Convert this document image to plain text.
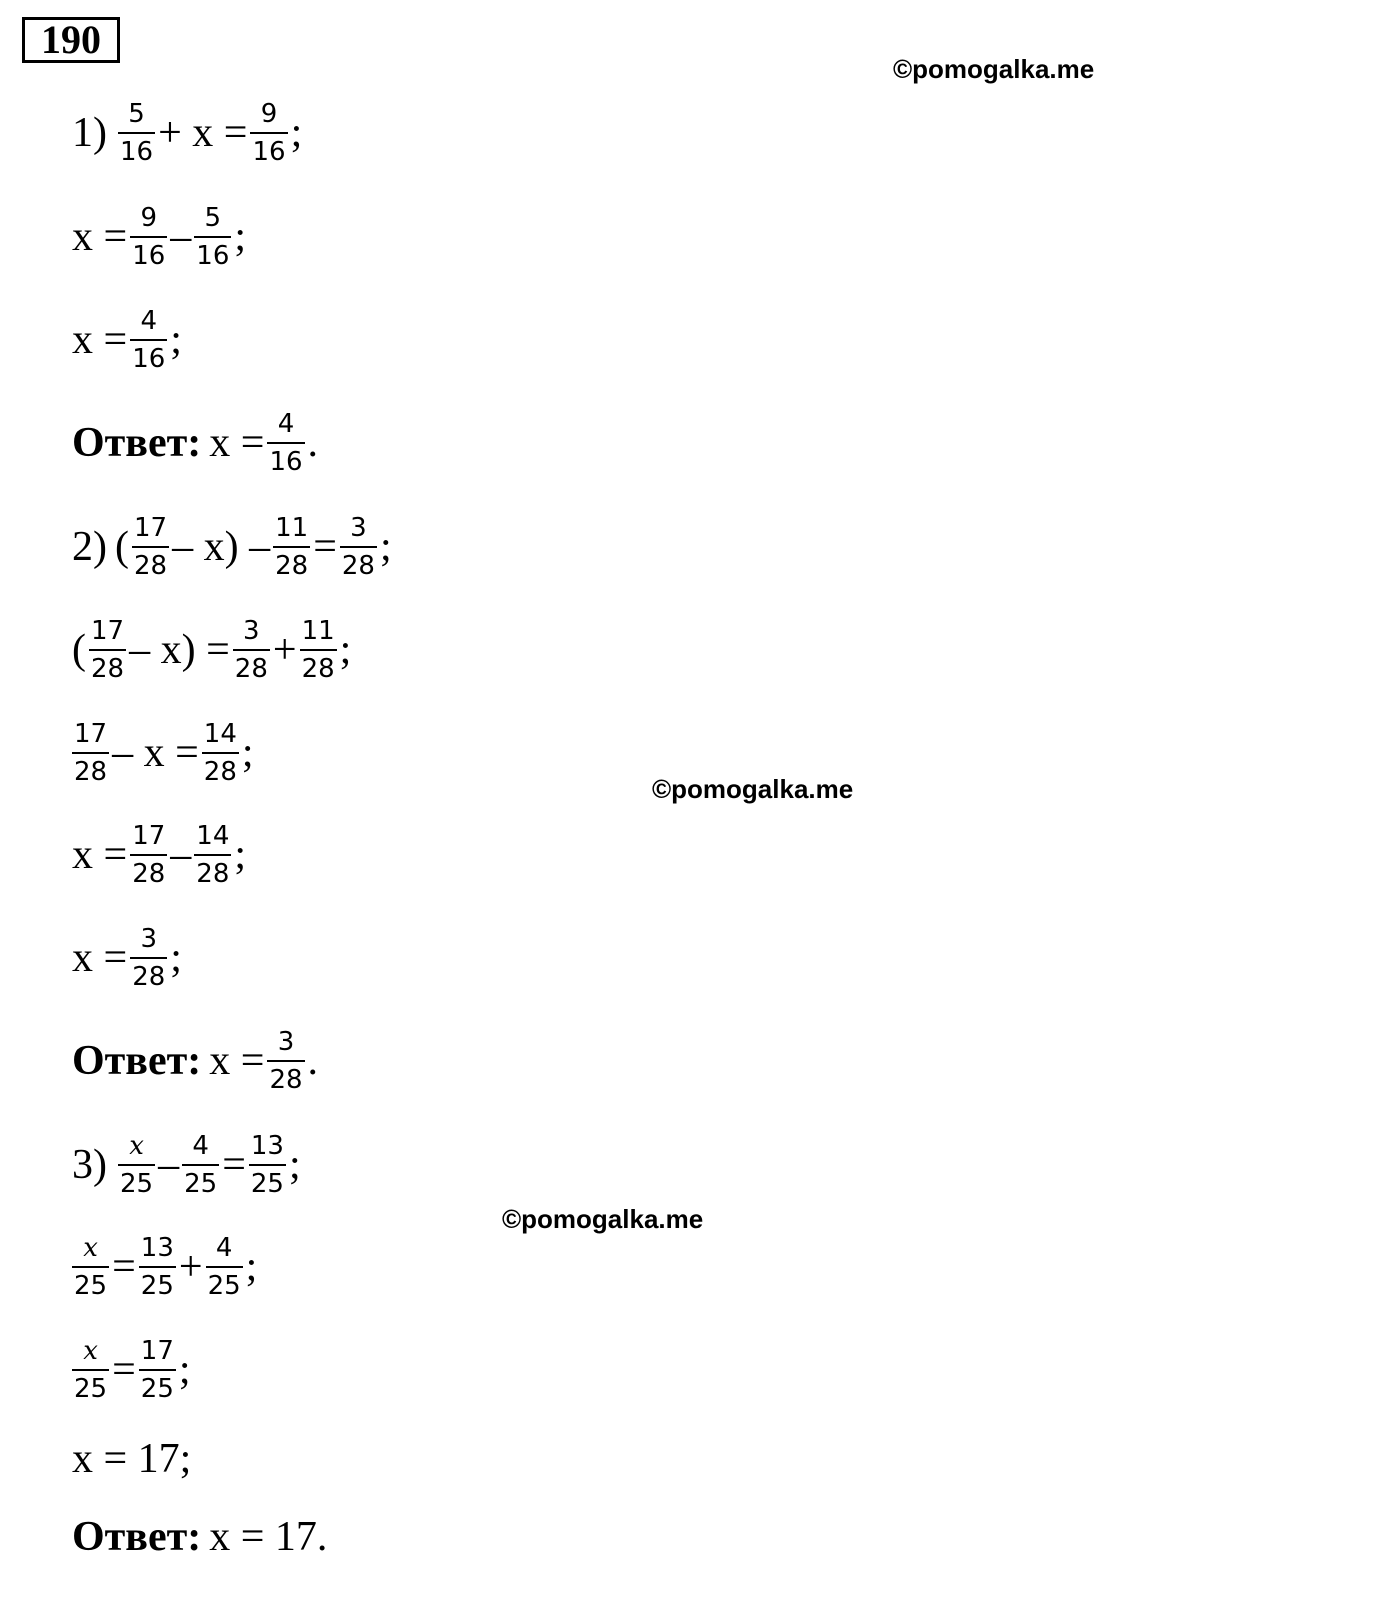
190
©pomogalka.me
©pomogalka.me
©pomogalka.me
1) 5
16 + x = 9
16 ;
x = 9
16 – 5
16 ;
x = 4
16 ;
Ответ: x = 4
16 .
2) ( 17
28 – x) – 11
28 = 3
28 ;
( 17
28 – x) = 3
28 + 11
28 ;
17
28 – x = 14
28 ;
x = 17
28 – 14
28 ;
x = 3
28 ;
Ответ: x = 3
28 .
3) x
25 – 4
25 = 13
25 ;
x
25 = 13
25 + 4
25 ;
x
25 = 17
25 ;
x = 17;
Ответ: x = 17.
